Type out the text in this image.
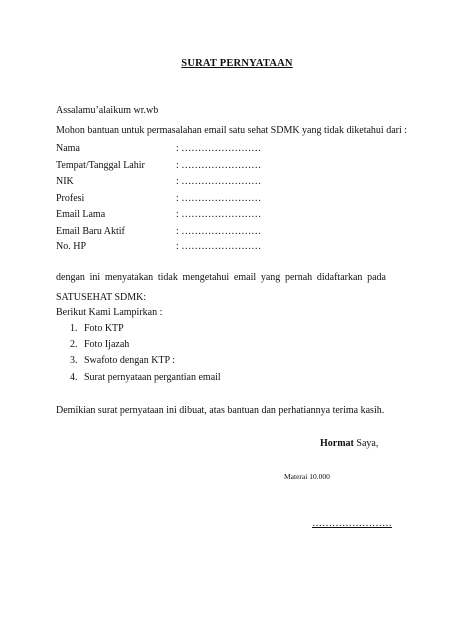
SURAT PERNYATAAN
Assalamu’alaikum wr.wb
Mohon bantuan untuk permasalahan email satu sehat SDMK yang tidak diketahui dari :
Nama	: ……………………
Tempat/Tanggal Lahir	: ……………………
NIK	: ……………………
Profesi	: ……………………
Email Lama	: ……………………
Email Baru Aktif	: ……………………
No. HP	: ……………………
dengan ini menyatakan tidak mengetahui email yang pernah didaftarkan pada SATUSEHAT SDMK:
Berikut Kami Lampirkan :
1. Foto KTP
2. Foto Ijazah
3. Swafoto dengan KTP :
4. Surat pernyataan pergantian email
Demikian surat pernyataan ini dibuat, atas bantuan dan perhatiannya terima kasih.
Hormat Saya,
Materai 10.000
……………………
